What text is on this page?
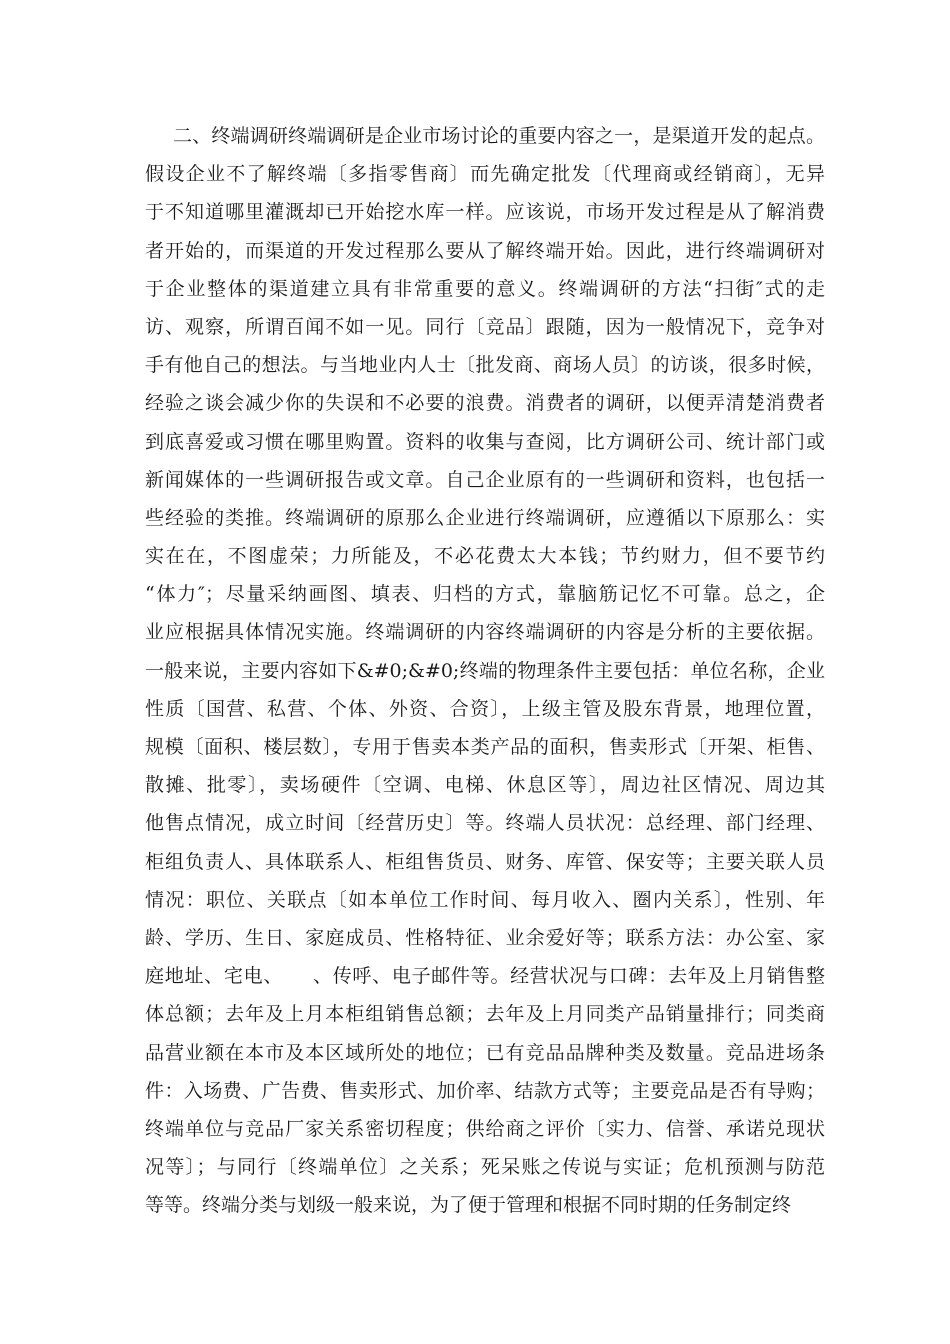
二、终端调研终端调研是企业市场讨论的重要内容之一，是渠道开发的起点。
假设企业不了解终端〔多指零售商〕而先确定批发〔代理商或经销商〕，无异
于不知道哪里灌溉却已开始挖水库一样。应该说，市场开发过程是从了解消费
者开始的，而渠道的开发过程那么要从了解终端开始。因此，进行终端调研对
于企业整体的渠道建立具有非常重要的意义。终端调研的方法“扫街″式的走
访、观察，所谓百闻不如一见。同行〔竞品〕跟随，因为一般情况下，竞争对
手有他自己的想法。与当地业内人士〔批发商、商场人员〕的访谈，很多时候，
经验之谈会减少你的失误和不必要的浪费。消费者的调研，以便弄清楚消费者
到底喜爱或习惯在哪里购置。资料的收集与查阅，比方调研公司、统计部门或
新闻媒体的一些调研报告或文章。自己企业原有的一些调研和资料，也包括一
些经验的类推。终端调研的原那么企业进行终端调研，应遵循以下原那么：实
实在在，不图虚荣；力所能及，不必花费太大本钱；节约财力，但不要节约
“体力″；尽量采纳画图、填表、归档的方式，靠脑筋记忆不可靠。总之，企
业应根据具体情况实施。终端调研的内容终端调研的内容是分析的主要依据。
一般来说，主要内容如下&#0;&#0;终端的物理条件主要包括：单位名称，企业
性质〔国营、私营、个体、外资、合资〕，上级主管及股东背景，地理位置，
规模〔面积、楼层数〕，专用于售卖本类产品的面积，售卖形式〔开架、柜售、
散摊、批零〕，卖场硬件〔空调、电梯、休息区等〕，周边社区情况、周边其
他售点情况，成立时间〔经营历史〕等。终端人员状况：总经理、部门经理、
柜组负责人、具体联系人、柜组售货员、财务、库管、保安等；主要关联人员
情况：职位、关联点〔如本单位工作时间、每月收入、圈内关系〕，性别、年
龄、学历、生日、家庭成员、性格特征、业余爱好等；联系方法：办公室、家
庭地址、宅电、　　、传呼、电子邮件等。经营状况与口碑：去年及上月销售整
体总额；去年及上月本柜组销售总额；去年及上月同类产品销量排行；同类商
品营业额在本市及本区域所处的地位；已有竞品品牌种类及数量。竞品进场条
件：入场费、广告费、售卖形式、加价率、结款方式等；主要竞品是否有导购；
终端单位与竞品厂家关系密切程度；供给商之评价〔实力、信誉、承诺兑现状
况等〕；与同行〔终端单位〕之关系；死呆账之传说与实证；危机预测与防范
等等。终端分类与划级一般来说，为了便于管理和根据不同时期的任务制定终
